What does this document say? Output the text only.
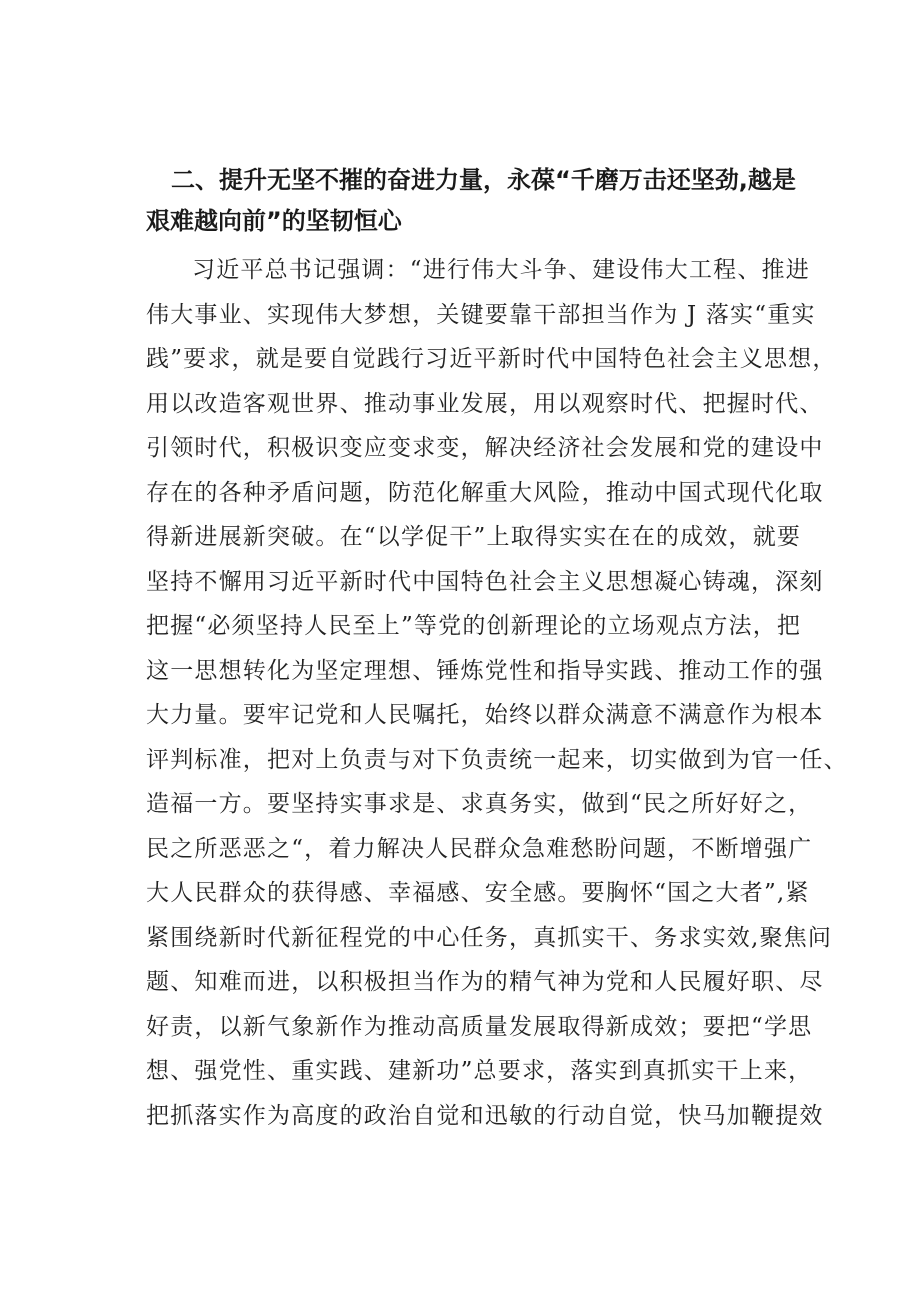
二、提升无坚不摧的奋进力量，永葆“千磨万击还坚劲,越是
艰难越向前”的坚韧恒心
习近平总书记强调：“进行伟大斗争、建设伟大工程、推进
伟大事业、实现伟大梦想，关键要靠干部担当作为 J 落实“重实
践”要求，就是要自觉践行习近平新时代中国特色社会主义思想，
用以改造客观世界、推动事业发展，用以观察时代、把握时代、
引领时代，积极识变应变求变，解决经济社会发展和党的建设中
存在的各种矛盾问题，防范化解重大风险，推动中国式现代化取
得新进展新突破。在“以学促干”上取得实实在在的成效，就要
坚持不懈用习近平新时代中国特色社会主义思想凝心铸魂，深刻
把握“必须坚持人民至上”等党的创新理论的立场观点方法，把
这一思想转化为坚定理想、锤炼党性和指导实践、推动工作的强
大力量。要牢记党和人民嘱托，始终以群众满意不满意作为根本
评判标准，把对上负责与对下负责统一起来，切实做到为官一任、
造福一方。要坚持实事求是、求真务实，做到“民之所好好之，
民之所恶恶之“，着力解决人民群众急难愁盼问题，不断增强广
大人民群众的获得感、幸福感、安全感。要胸怀“国之大者”,紧
紧围绕新时代新征程党的中心任务，真抓实干、务求实效,聚焦问
题、知难而进，以积极担当作为的精气神为党和人民履好职、尽
好责，以新气象新作为推动高质量发展取得新成效；要把“学思
想、强党性、重实践、建新功”总要求，落实到真抓实干上来，
把抓落实作为高度的政治自觉和迅敏的行动自觉，快马加鞭提效
